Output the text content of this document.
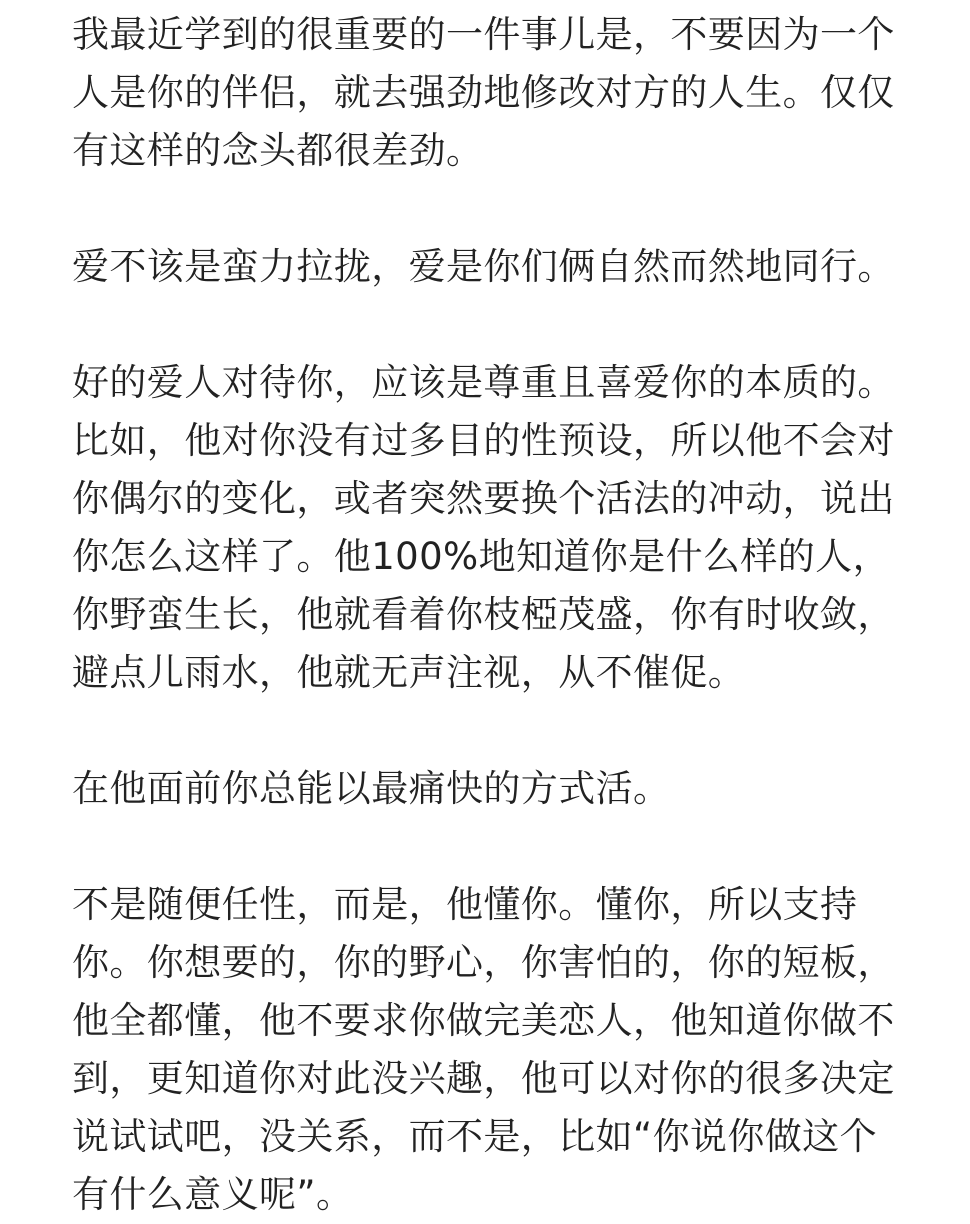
我最近学到的很重要的一件事儿是，不要因为一个
人是你的伴侣，就去强劲地修改对方的人生。仅仅
有这样的念头都很差劲。
爱不该是蛮力拉拢，爱是你们俩自然而然地同行。
好的爱人对待你，应该是尊重且喜爱你的本质的。
比如，他对你没有过多目的性预设，所以他不会对
你偶尔的变化，或者突然要换个活法的冲动，说出
你怎么这样了。他100%地知道你是什么样的人，
你野蛮生长，他就看着你枝椏茂盛，你有时收敛，
避点儿雨水，他就无声注视，从不催促。
在他面前你总能以最痛快的方式活。
不是随便任性，而是，他懂你。懂你，所以支持
你。你想要的，你的野心，你害怕的，你的短板，
他全都懂，他不要求你做完美恋人，他知道你做不
到，更知道你对此没兴趣，他可以对你的很多决定
说试试吧，没关系，而不是，比如“你说你做这个
有什么意义呢”。
